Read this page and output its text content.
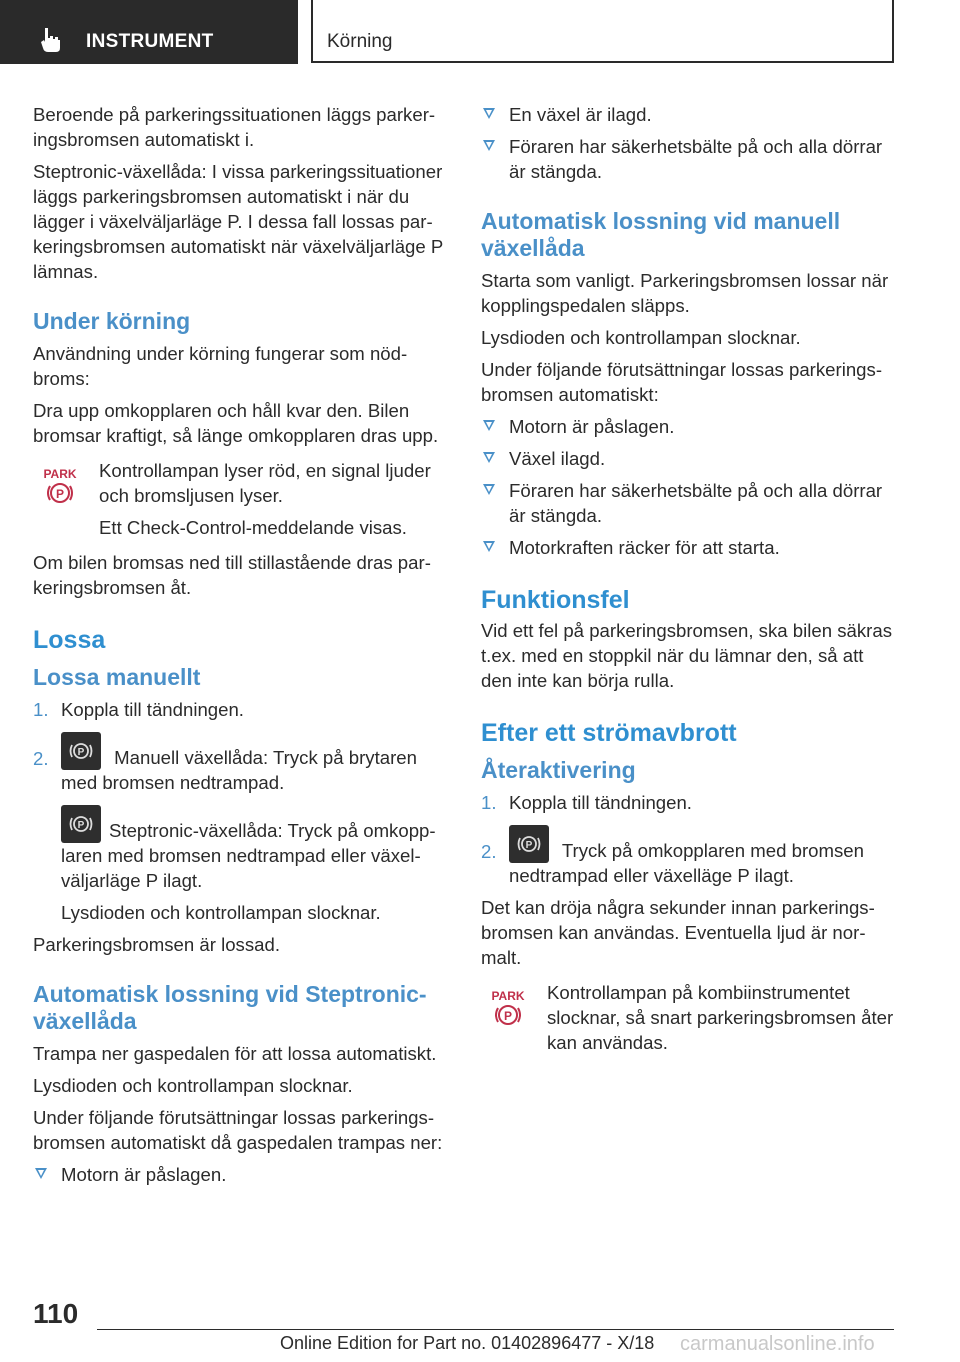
INSTRUMENT	Körning

Beroende på parkeringssituationen läggs parkeringsbromsen automatiskt i.

Steptronic-växellåda: I vissa parkeringssituationer läggs parkeringsbromsen automatiskt i när du lägger i växelväljarläge P. I dessa fall lossas parkeringsbromsen automatiskt när växelväljarläge P lämnas.

Under körning

Användning under körning fungerar som nödbroms:

Dra upp omkopplaren och håll kvar den. Bilen bromsar kraftigt, så länge omkopplaren dras upp.

PARK
P

Kontrollampan lyser röd, en signal ljuder och bromsljusen lyser.

Ett Check-Control-meddelande visas.

Om bilen bromsas ned till stillastående dras parkeringsbromsen åt.

Lossa
Lossa manuellt
1. Koppla till tändningen.
2.	P Manuell växellåda: Tryck på brytaren med bromsen nedtrampad.

P Steptronic-växellåda: Tryck på omkopplaren med bromsen nedtrampad eller växelväljarläge P ilagt.

Lysdioden och kontrollampan slocknar.

Parkeringsbromsen är lossad.

Automatisk lossning vid Steptronic-växellåda

Trampa ner gaspedalen för att lossa automatiskt.

Lysdioden och kontrollampan slocknar.

Under följande förutsättningar lossas parkeringsbromsen automatiskt då gaspedalen trampas ner:

Motorn är påslagen.
En växel är ilagd.
Föraren har säkerhetsbälte på och alla dörrar är stängda.
Automatisk lossning vid manuell växellåda

Starta som vanligt. Parkeringsbromsen lossar när kopplingspedalen släpps.

Lysdioden och kontrollampan slocknar.

Under följande förutsättningar lossas parkeringsbromsen automatiskt:

Motorn är påslagen.
Växel ilagd.
Föraren har säkerhetsbälte på och alla dörrar är stängda.
Motorkraften räcker för att starta.
Funktionsfel

Vid ett fel på parkeringsbromsen, ska bilen säkras t.ex. med en stoppkil när du lämnar den, så att den inte kan börja rulla.

Efter ett strömavbrott
Återaktivering
1. Koppla till tändningen.
2.	P Tryck på omkopplaren med bromsen nedtrampad eller växelläge P ilagt.

Det kan dröja några sekunder innan parkeringsbromsen kan användas. Eventuella ljud är normalt.

PARK
P

Kontrollampan på kombiinstrumentet slocknar, så snart parkeringsbromsen åter kan användas.

110
Online Edition for Part no. 01402896477 - X/18 carmanualsonline.info
